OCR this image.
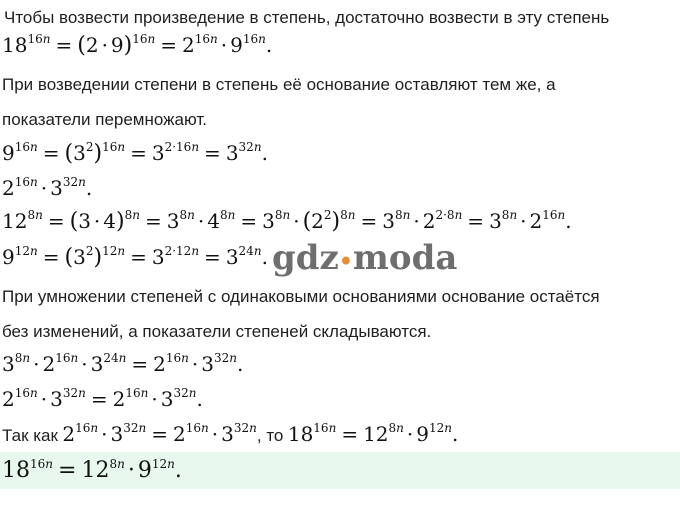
Чтобы возвести произведение в степень, достаточно возвести в эту степень
$18^{16n} = (2 \cdot 9)^{16n} = 2^{16n} \cdot 9^{16n}$.
При возведении степени в степень её основание оставляют тем же, а
показатели перемножают.
$9^{16n} = (3^2)^{16n} = 3^{2\cdot 16n} = 3^{32n}$.
$2^{16n} \cdot 3^{32n}$.
$12^{8n} = (3 \cdot 4)^{8n} = 3^{8n} \cdot 4^{8n} = 3^{8n} \cdot (2^2)^{8n} = 3^{8n} \cdot 2^{2\cdot 8n} = 3^{8n} \cdot 2^{16n}$.
$9^{12n} = (3^2)^{12n} = 3^{2\cdot 12n} = 3^{24n}$. gdz•moda
При умножении степеней с одинаковыми основаниями основание остаётся
без изменений, а показатели степеней складываются.
$3^{8n} \cdot 2^{16n} \cdot 3^{24n} = 2^{16n} \cdot 3^{32n}$.
$2^{16n} \cdot 3^{32n} = 2^{16n} \cdot 3^{32n}$.
Так как $2^{16n} \cdot 3^{32n} = 2^{16n} \cdot 3^{32n}$, то $18^{16n} = 12^{8n} \cdot 9^{12n}$.
$18^{16n} = 12^{8n} \cdot 9^{12n}$.
